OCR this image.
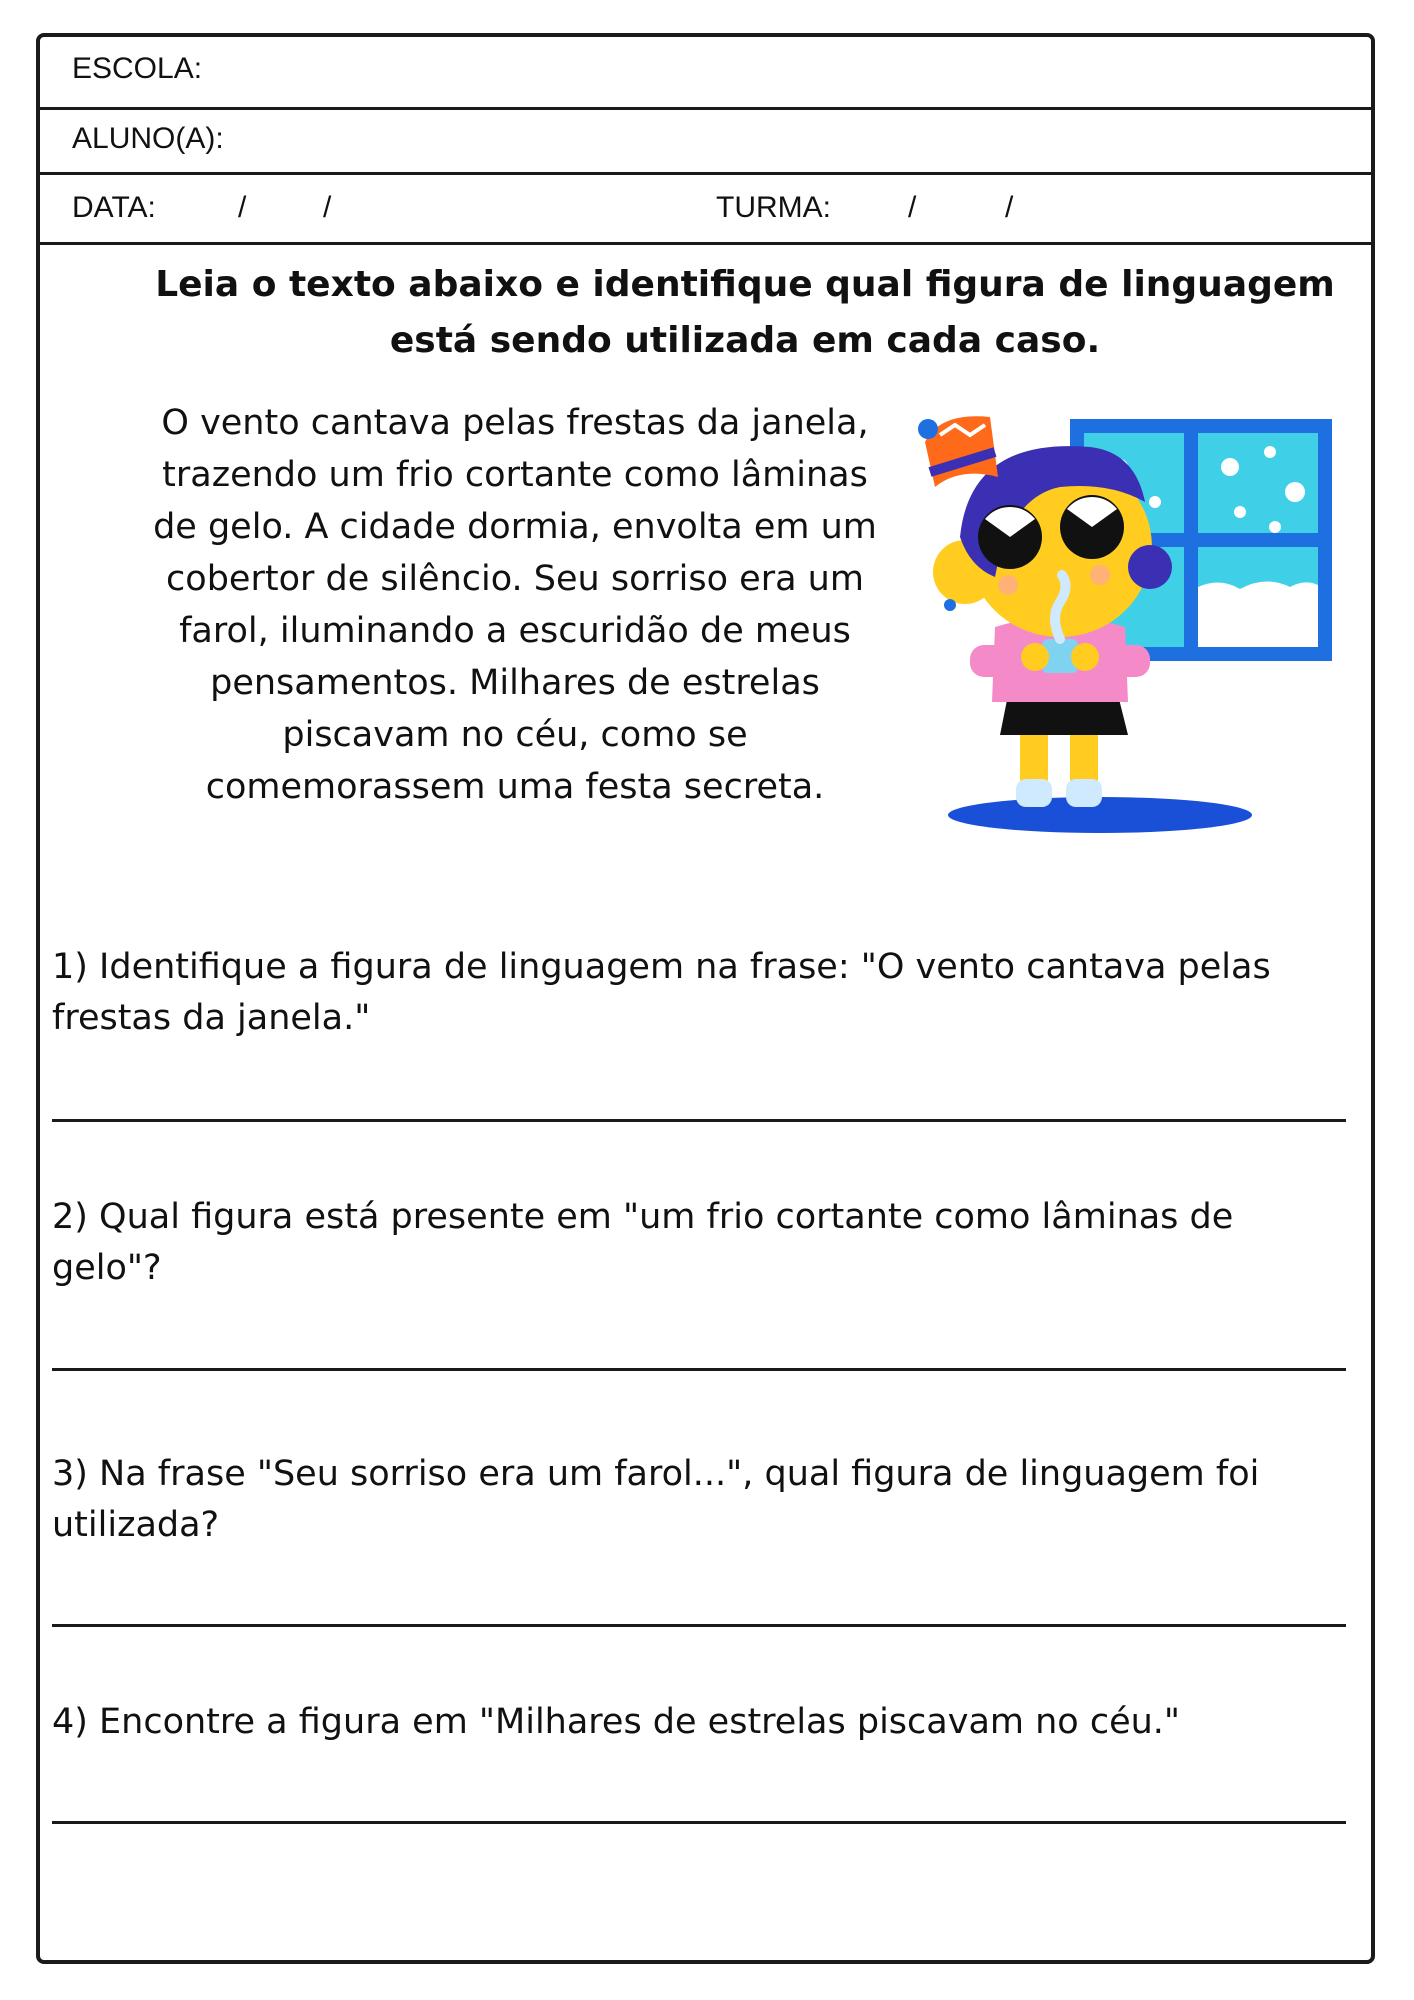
ESCOLA:
ALUNO(A):
DATA:	/	/	TURMA:	/	/
Leia o texto abaixo e identifique qual figura de linguagem está sendo utilizada em cada caso.
O vento cantava pelas frestas da janela,
trazendo um frio cortante como lâminas
de gelo. A cidade dormia, envolta em um
cobertor de silêncio. Seu sorriso era um
farol, iluminando a escuridão de meus
pensamentos. Milhares de estrelas
piscavam no céu, como se
comemorassem uma festa secreta.
1) Identifique a figura de linguagem na frase: "O vento cantava pelas
frestas da janela."
2) Qual figura está presente em "um frio cortante como lâminas de
gelo"?
3) Na frase "Seu sorriso era um farol...", qual figura de linguagem foi
utilizada?
4) Encontre a figura em "Milhares de estrelas piscavam no céu."
